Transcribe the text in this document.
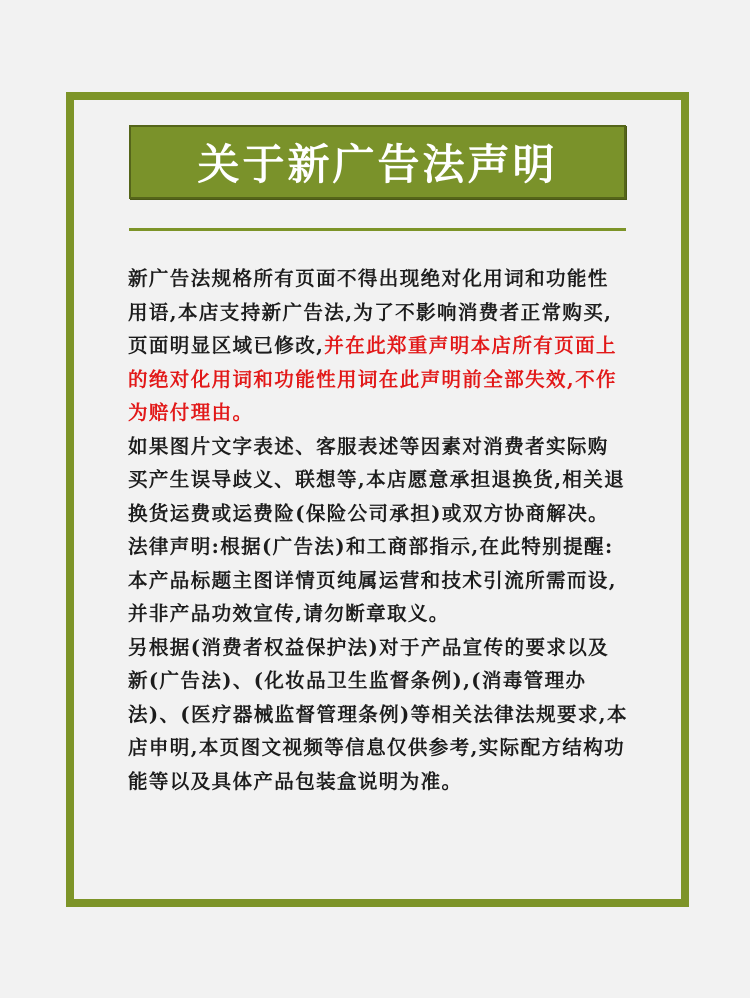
关于新广告法声明

新广告法规格所有页面不得出现绝对化用词和功能性用语,本店支持新广告法,为了不影响消费者正常购买,页面明显区域已修改,并在此郑重声明本店所有页面上的绝对化用词和功能性用词在此声明前全部失效,不作为赔付理由。

如果图片文字表述、客服表述等因素对消费者实际购买产生误导歧义、联想等,本店愿意承担退换货,相关退换货运费或运费险(保险公司承担)或双方协商解决。

法律声明:根据(广告法)和工商部指示,在此特别提醒:本产品标题主图详情页纯属运营和技术引流所需而设,并非产品功效宣传,请勿断章取义。

另根据(消费者权益保护法)对于产品宣传的要求以及新(广告法)、(化妆品卫生监督条例),(消毒管理办法)、(医疗器械监督管理条例)等相关法律法规要求,本店申明,本页图文视频等信息仅供参考,实际配方结构功能等以及具体产品包装盒说明为准。
